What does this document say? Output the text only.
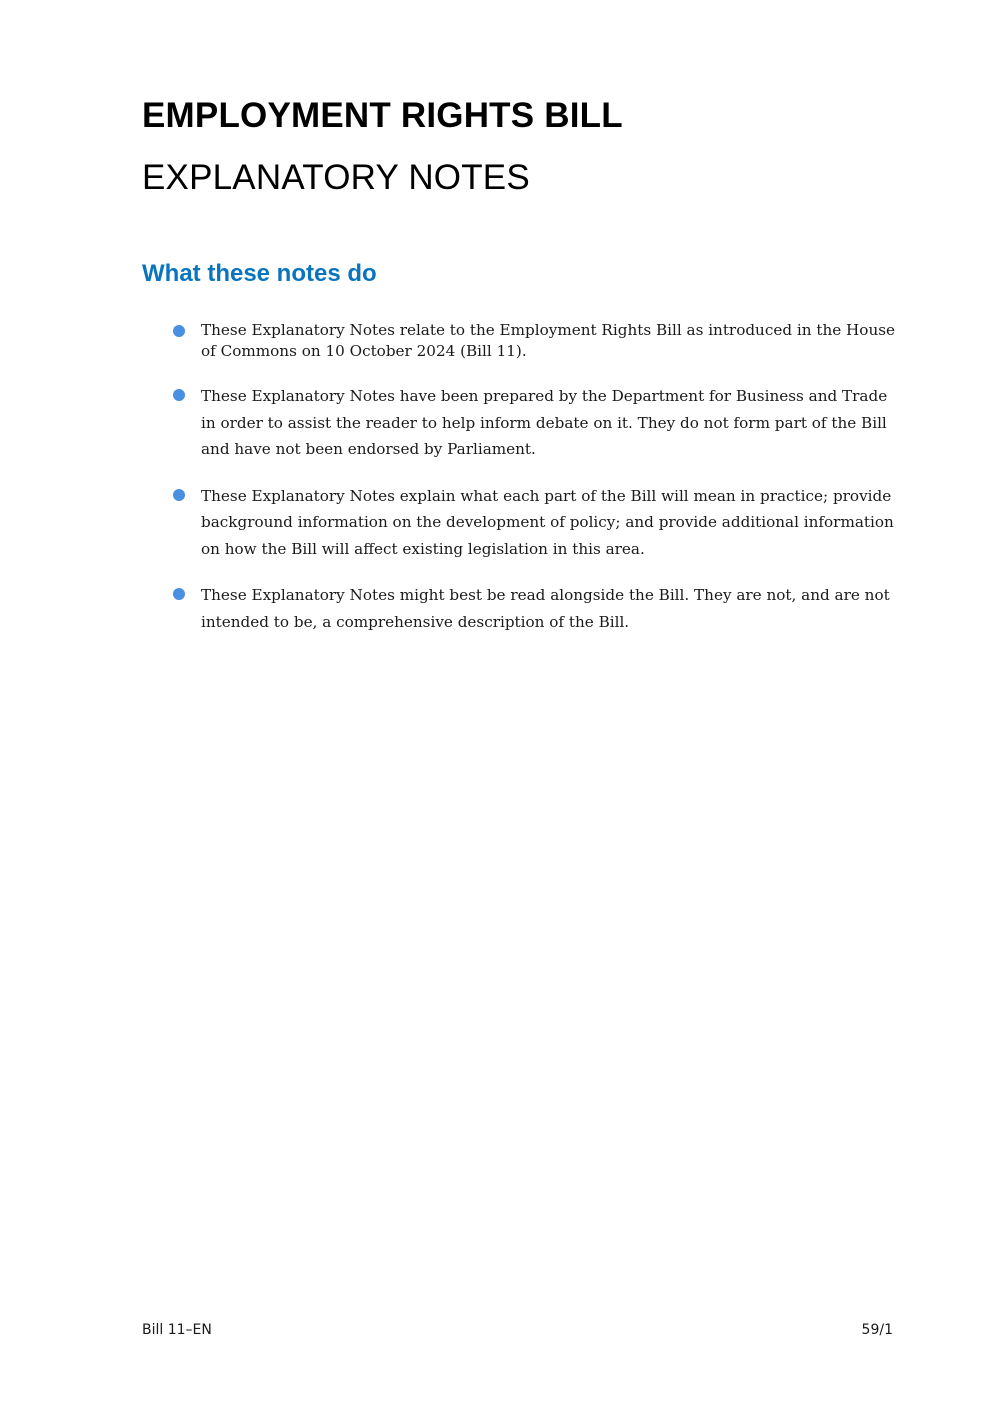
EMPLOYMENT RIGHTS BILL
EXPLANATORY NOTES
What these notes do
These Explanatory Notes relate to the Employment Rights Bill as introduced in the House of Commons on 10 October 2024 (Bill 11).
These Explanatory Notes have been prepared by the Department for Business and Trade in order to assist the reader to help inform debate on it. They do not form part of the Bill and have not been endorsed by Parliament.
These Explanatory Notes explain what each part of the Bill will mean in practice; provide background information on the development of policy; and provide additional information on how the Bill will affect existing legislation in this area.
These Explanatory Notes might best be read alongside the Bill. They are not, and are not intended to be, a comprehensive description of the Bill.
Bill 11–EN	59/1
